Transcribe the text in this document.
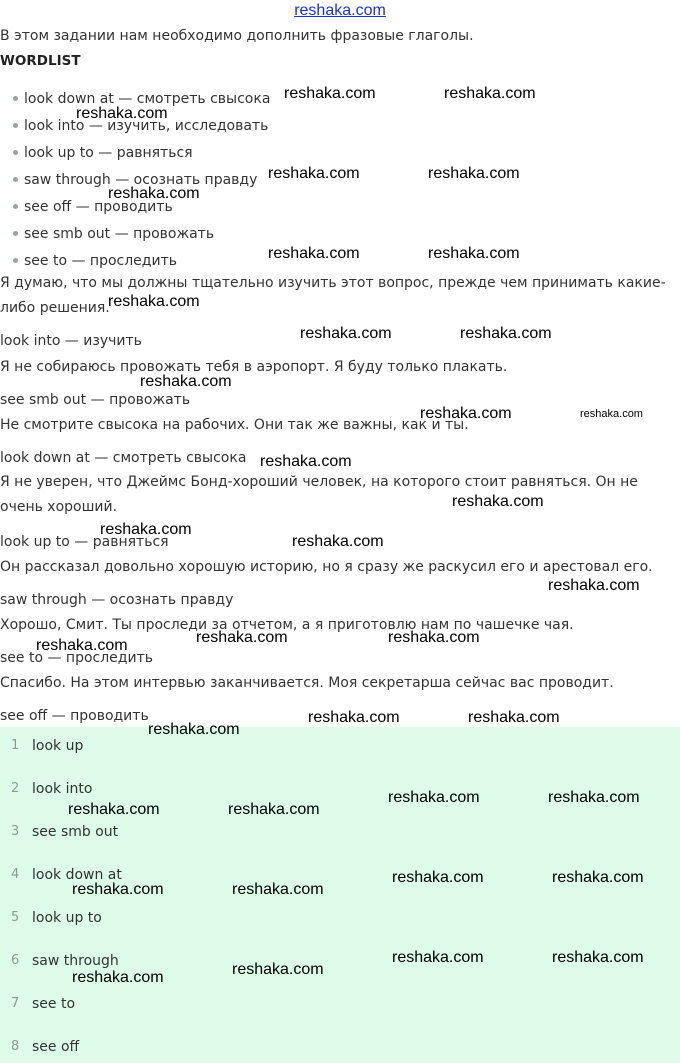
reshaka.com
В этом задании нам необходимо дополнить фразовые глаголы.
WORDLIST
look down at — смотреть свысока
look into — изучить, исследовать
look up to — равняться
saw through — осознать правду
see off — проводить
see smb out — провожать
see to — проследить
Я думаю, что мы должны тщательно изучить этот вопрос, прежде чем принимать какие-либо решения.
look into — изучить
Я не собираюсь провожать тебя в аэропорт. Я буду только плакать.
see smb out — провожать
Не смотрите свысока на рабочих. Они так же важны, как и ты.
look down at — смотреть свысока
Я не уверен, что Джеймс Бонд-хороший человек, на которого стоит равняться. Он не очень хороший.
look up to — равняться
Он рассказал довольно хорошую историю, но я сразу же раскусил его и арестовал его.
saw through — осознать правду
Хорошо, Смит. Ты проследи за отчетом, а я приготовлю нам по чашечке чая.
see to — проследить
Спасибо. На этом интервью заканчивается. Моя секретарша сейчас вас проводит.
see off — проводить
1 look up
2 look into
3 see smb out
4 look down at
5 look up to
6 saw through
7 see to
8 see off
reshaka.com	reshaka.com
reshaka.com
reshaka.com	reshaka.com
reshaka.com
reshaka.com	reshaka.com
reshaka.com
reshaka.com	reshaka.com
reshaka.com
reshaka.com	reshaka.com
reshaka.com
reshaka.com
reshaka.com
reshaka.com
reshaka.com
reshaka.com	reshaka.com
reshaka.com
reshaka.com	reshaka.com
reshaka.com
reshaka.com	reshaka.com
reshaka.com	reshaka.com
reshaka.com	reshaka.com
reshaka.com	reshaka.com
reshaka.com	reshaka.com
reshaka.com	reshaka.com
